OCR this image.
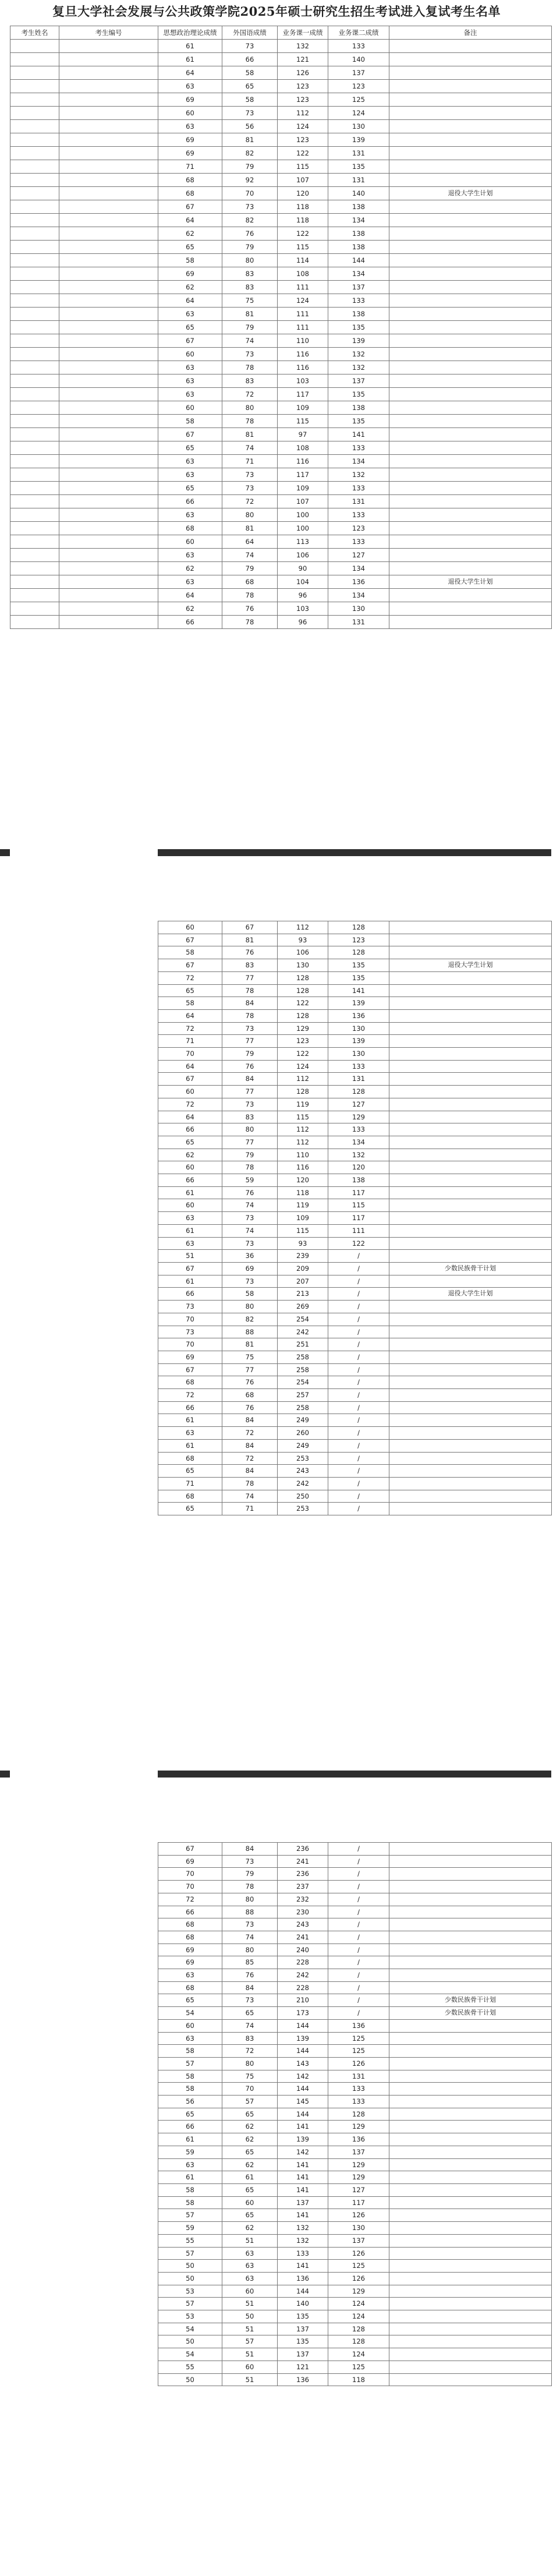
复旦大学社会发展与公共政策学院2025年硕士研究生招生考试进入复试考生名单
考生姓名	考生编号	思想政治理论成绩	外国语成绩	业务课一成绩	业务课二成绩	备注
		61	73	132	133	
		61	66	121	140	
		64	58	126	137	
		63	65	123	123	
		69	58	123	125	
		60	73	112	124	
		63	56	124	130	
		69	81	123	139	
		69	82	122	131	
		71	79	115	135	
		68	92	107	131	
		68	70	120	140	退役大学生计划
		67	73	118	138	
		64	82	118	134	
		62	76	122	138	
		65	79	115	138	
		58	80	114	144	
		69	83	108	134	
		62	83	111	137	
		64	75	124	133	
		63	81	111	138	
		65	79	111	135	
		67	74	110	139	
		60	73	116	132	
		63	78	116	132	
		63	83	103	137	
		63	72	117	135	
		60	80	109	138	
		58	78	115	135	
		67	81	97	141	
		65	74	108	133	
		63	71	116	134	
		63	73	117	132	
		65	73	109	133	
		66	72	107	131	
		63	80	100	133	
		68	81	100	123	
		60	64	113	133	
		63	74	106	127	
		62	79	90	134	
		63	68	104	136	退役大学生计划
		64	78	96	134	
		62	76	103	130	
		66	78	96	131	
60	67	112	128	
67	81	93	123	
58	76	106	128	
67	83	130	135	退役大学生计划
72	77	128	135	
65	78	128	141	
58	84	122	139	
64	78	128	136	
72	73	129	130	
71	77	123	139	
70	79	122	130	
64	76	124	133	
67	84	112	131	
60	77	128	128	
72	73	119	127	
64	83	115	129	
66	80	112	133	
65	77	112	134	
62	79	110	132	
60	78	116	120	
66	59	120	138	
61	76	118	117	
60	74	119	115	
63	73	109	117	
61	74	115	111	
63	73	93	122	
51	36	239	/	
67	69	209	/	少数民族骨干计划
61	73	207	/	
66	58	213	/	退役大学生计划
73	80	269	/	
70	82	254	/	
73	88	242	/	
70	81	251	/	
69	75	258	/	
67	77	258	/	
68	76	254	/	
72	68	257	/	
66	76	258	/	
61	84	249	/	
63	72	260	/	
61	84	249	/	
68	72	253	/	
65	84	243	/	
71	78	242	/	
68	74	250	/	
65	71	253	/	
67	84	236	/	
69	73	241	/	
70	79	236	/	
70	78	237	/	
72	80	232	/	
66	88	230	/	
68	73	243	/	
68	74	241	/	
69	80	240	/	
69	85	228	/	
63	76	242	/	
68	84	228	/	
65	73	210	/	少数民族骨干计划
54	65	173	/	少数民族骨干计划
60	74	144	136	
63	83	139	125	
58	72	144	125	
57	80	143	126	
58	75	142	131	
58	70	144	133	
56	57	145	133	
65	65	144	128	
66	62	141	129	
61	62	139	136	
59	65	142	137	
63	62	141	129	
61	61	141	129	
58	65	141	127	
58	60	137	117	
57	65	141	126	
59	62	132	130	
55	51	132	137	
57	63	133	126	
50	63	141	125	
50	63	136	126	
53	60	144	129	
57	51	140	124	
53	50	135	124	
54	51	137	128	
50	57	135	128	
54	51	137	124	
55	60	121	125	
50	51	136	118	
